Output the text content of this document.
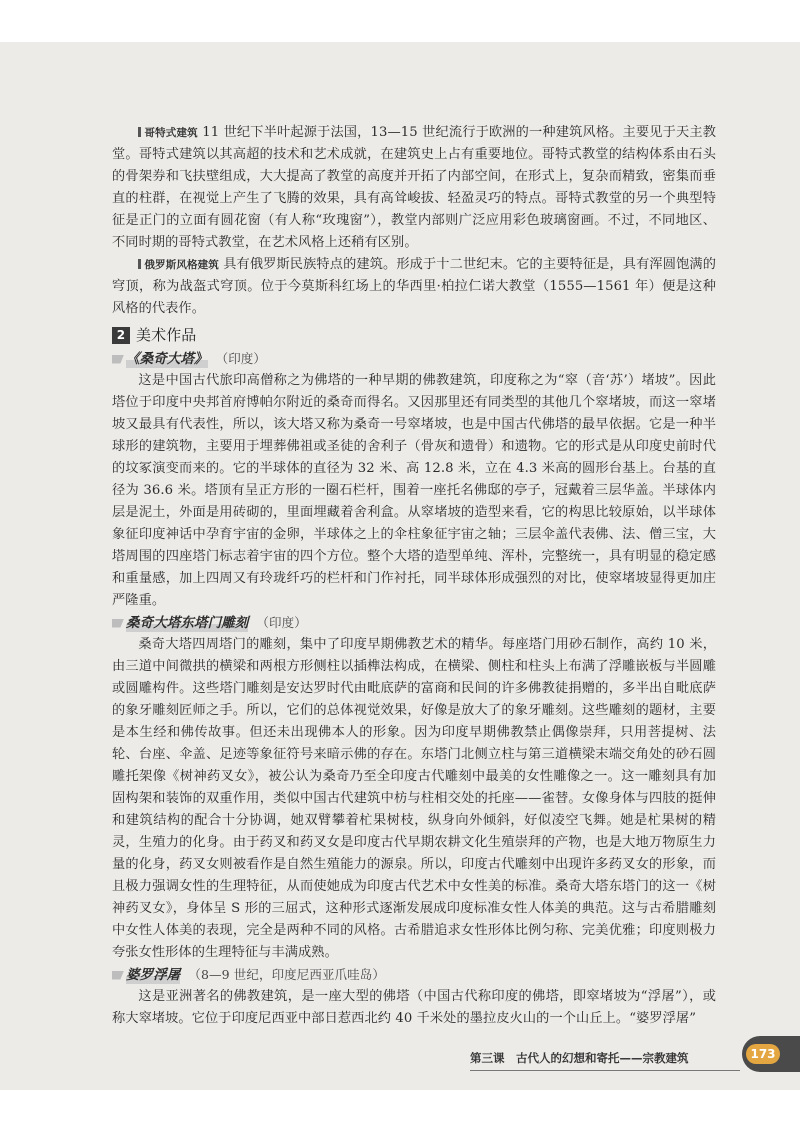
哥特式建筑 11 世纪下半叶起源于法国，13—15 世纪流行于欧洲的一种建筑风格。主要见于天主教堂。哥特式建筑以其高超的技术和艺术成就，在建筑史上占有重要地位。哥特式教堂的结构体系由石头的骨架券和飞扶壁组成，大大提高了教堂的高度并开拓了内部空间，在形式上，复杂而精致，密集而垂直的柱群，在视觉上产生了飞腾的效果，具有高耸峻拔、轻盈灵巧的特点。哥特式教堂的另一个典型特征是正门的立面有圆花窗（有人称“玫瑰窗”），教堂内部则广泛应用彩色玻璃窗画。不过，不同地区、不同时期的哥特式教堂，在艺术风格上还稍有区别。

俄罗斯风格建筑 具有俄罗斯民族特点的建筑。形成于十二世纪末。它的主要特征是，具有浑圆饱满的穹顶，称为战盔式穹顶。位于今莫斯科红场上的华西里·柏拉仁诺大教堂（1555—1561 年）便是这种风格的代表作。

2 美术作品
《桑奇大塔》 （印度）

这是中国古代旅印高僧称之为佛塔的一种早期的佛教建筑，印度称之为“窣（音‘苏’）堵坡”。因此塔位于印度中央邦首府博帕尔附近的桑奇而得名。又因那里还有同类型的其他几个窣堵坡，而这一窣堵坡又最具有代表性，所以，该大塔又称为桑奇一号窣堵坡，也是中国古代佛塔的最早依据。它是一种半球形的建筑物，主要用于埋葬佛祖或圣徒的舍利子（骨灰和遗骨）和遗物。它的形式是从印度史前时代的坟冢演变而来的。它的半球体的直径为 32 米、高 12.8 米，立在 4.3 米高的圆形台基上。台基的直径为 36.6 米。塔顶有呈正方形的一圈石栏杆，围着一座托名佛邸的亭子，冠戴着三层华盖。半球体内层是泥土，外面是用砖砌的，里面埋藏着舍利盒。从窣堵坡的造型来看，它的构思比较原始，以半球体象征印度神话中孕育宇宙的金卵，半球体之上的伞柱象征宇宙之轴；三层伞盖代表佛、法、僧三宝，大塔周围的四座塔门标志着宇宙的四个方位。整个大塔的造型单纯、浑朴，完整统一，具有明显的稳定感和重量感，加上四周又有玲珑纤巧的栏杆和门作衬托，同半球体形成强烈的对比，使窣堵坡显得更加庄严隆重。

桑奇大塔东塔门雕刻 （印度）

桑奇大塔四周塔门的雕刻，集中了印度早期佛教艺术的精华。每座塔门用砂石制作，高约 10 米，由三道中间微拱的横梁和两根方形侧柱以插榫法构成，在横梁、侧柱和柱头上布满了浮雕嵌板与半圆雕或圆雕构件。这些塔门雕刻是安达罗时代由毗底萨的富商和民间的许多佛教徒捐赠的，多半出自毗底萨的象牙雕刻匠师之手。所以，它们的总体视觉效果，好像是放大了的象牙雕刻。这些雕刻的题材，主要是本生经和佛传故事。但还未出现佛本人的形象。因为印度早期佛教禁止偶像崇拜，只用菩提树、法轮、台座、伞盖、足迹等象征符号来暗示佛的存在。东塔门北侧立柱与第三道横梁末端交角处的砂石圆雕托架像《树神药叉女》，被公认为桑奇乃至全印度古代雕刻中最美的女性雕像之一。这一雕刻具有加固构架和装饰的双重作用，类似中国古代建筑中枋与柱相交处的托座——雀替。女像身体与四肢的挺伸和建筑结构的配合十分协调，她双臂攀着杧果树枝，纵身向外倾斜，好似凌空飞舞。她是杧果树的精灵，生殖力的化身。由于药叉和药叉女是印度古代早期农耕文化生殖崇拜的产物，也是大地万物原生力量的化身，药叉女则被看作是自然生殖能力的源泉。所以，印度古代雕刻中出现许多药叉女的形象，而且极力强调女性的生理特征，从而使她成为印度古代艺术中女性美的标准。桑奇大塔东塔门的这一《树神药叉女》，身体呈 S 形的三屈式，这种形式逐渐发展成印度标准女性人体美的典范。这与古希腊雕刻中女性人体美的表现，完全是两种不同的风格。古希腊追求女性形体比例匀称、完美优雅；印度则极力夸张女性形体的生理特征与丰满成熟。

婆罗浮屠 （8—9 世纪，印度尼西亚爪哇岛）

这是亚洲著名的佛教建筑，是一座大型的佛塔（中国古代称印度的佛塔，即窣堵坡为“浮屠”），或称大窣堵坡。它位于印度尼西亚中部日惹西北约 40 千米处的墨拉皮火山的一个山丘上。“婆罗浮屠”

第三课　古代人的幻想和寄托——宗教建筑	173
